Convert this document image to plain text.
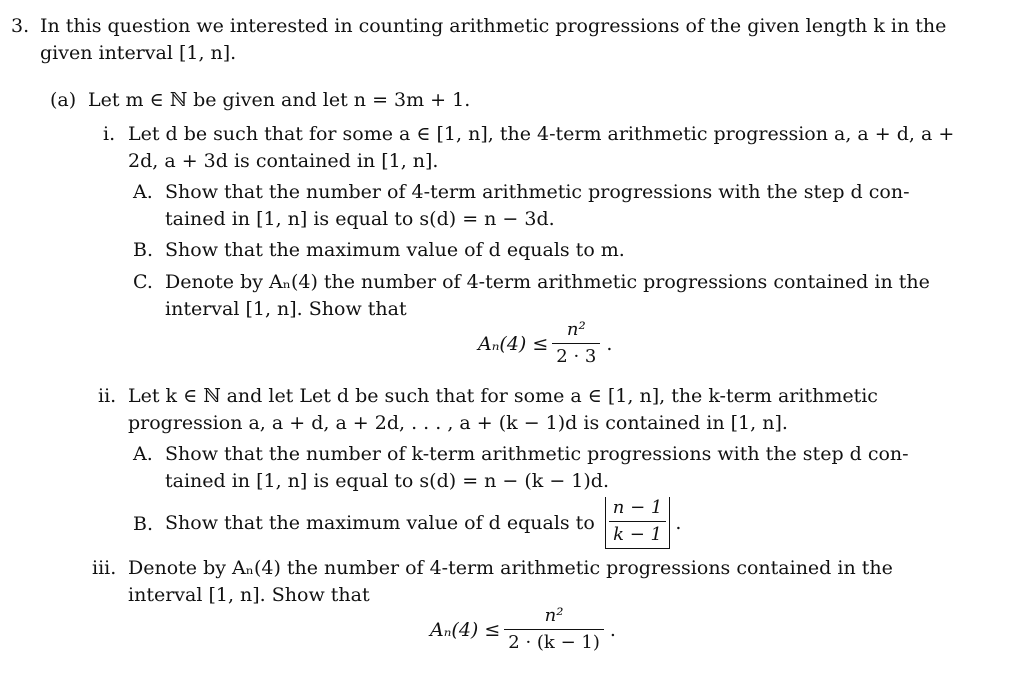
3. In this question we interested in counting arithmetic progressions of the given length k in the
given interval [1, n].
(a) Let m ∈ ℕ be given and let n = 3m + 1.
i. Let d be such that for some a ∈ [1, n], the 4-term arithmetic progression a, a + d, a +
2d, a + 3d is contained in [1, n].
A. Show that the number of 4-term arithmetic progressions with the step d con-
tained in [1, n] is equal to s(d) = n − 3d.
B. Show that the maximum value of d equals to m.
C. Denote by Aₙ(4) the number of 4-term arithmetic progressions contained in the
interval [1, n]. Show that
$A_n(4) \le \frac{\text{n²}}{2 \cdot 3}$ .
ii. Let k ∈ ℕ and let Let d be such that for some a ∈ [1, n], the k-term arithmetic
progression a, a + d, a + 2d, . . . , a + (k − 1)d is contained in [1, n].
A. Show that the number of k-term arithmetic progressions with the step d con-
tained in [1, n] is equal to s(d) = n − (k − 1)d.
B. Show that the maximum value of d equals to $\frac{n - 1}{k - 1}$ .
iii. Denote by Aₙ(4) the number of 4-term arithmetic progressions contained in the
interval [1, n]. Show that
$A_n(4) \le \frac{\text{n²}}{2 \cdot (k - 1)}$ .
